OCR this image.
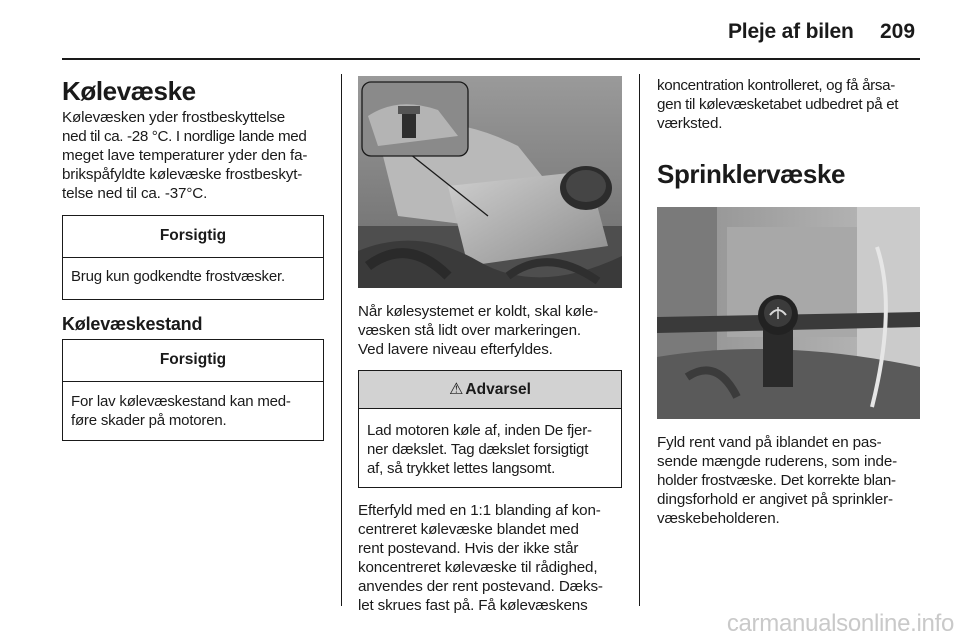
Pleje af bilen 209
Kølevæske

Kølevæsken yder frostbeskyttelse

ned til ca. -28 °C. I nordlige lande med

meget lave temperaturer yder den fa-

brikspåfyldte kølevæske frostbeskyt-

telse ned til ca. -37°C.

Forsigtig
Brug kun godkendte frostvæsker.
Kølevæskestand
Forsigtig
For lav kølevæskestand kan med-
føre skader på motoren.

Når kølesystemet er koldt, skal køle-

væsken stå lidt over markeringen.

Ved lavere niveau efterfyldes.

⚠ Advarsel
Lad motoren køle af, inden De fjer-
ner dækslet. Tag dækslet forsigtigt
af, så trykket lettes langsomt.

Efterfyld med en 1:1 blanding af kon-

centreret kølevæske blandet med

rent postevand. Hvis der ikke står

koncentreret kølevæske til rådighed,

anvendes der rent postevand. Dæks-

let skrues fast på. Få kølevæskens

koncentration kontrolleret, og få årsa-

gen til kølevæsketabet udbedret på et

værksted.

Sprinklervæske

Fyld rent vand på iblandet en pas-

sende mængde ruderens, som inde-

holder frostvæske. Det korrekte blan-

dingsforhold er angivet på sprinkler-

væskebeholderen.

carmanualsonline.info
